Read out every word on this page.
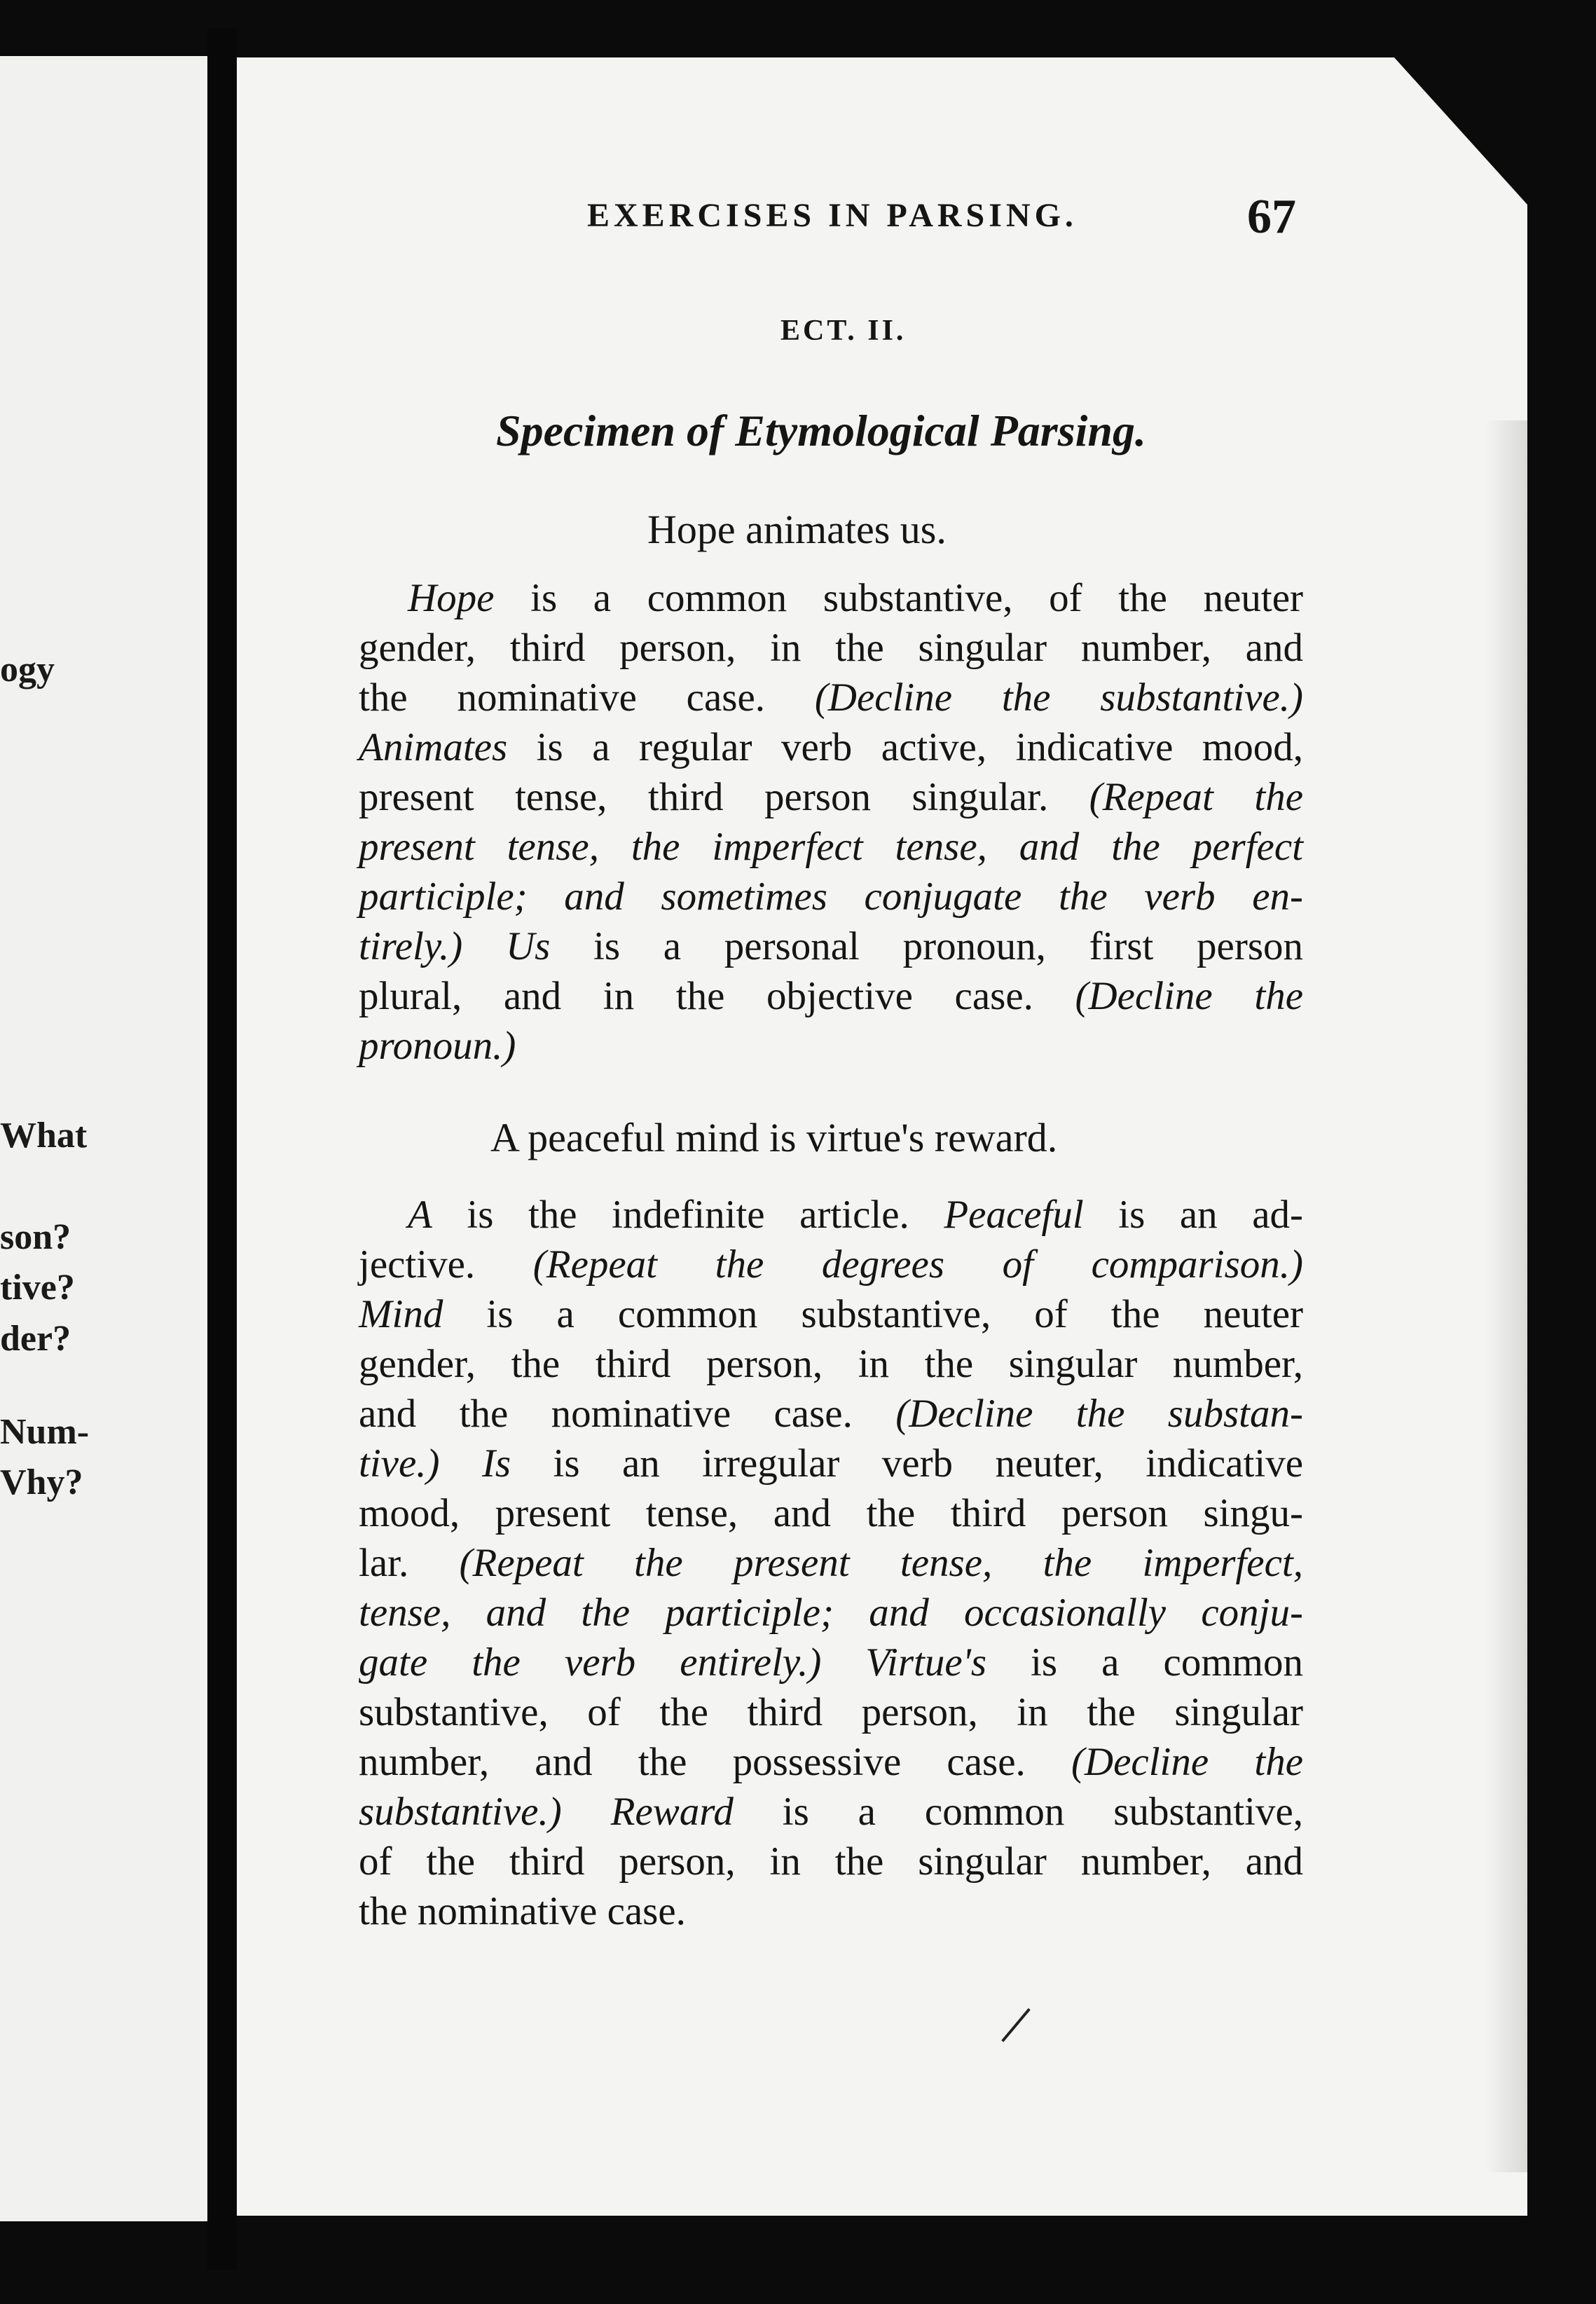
ogy
What
son?
tive?
der?
Num-
Vhy?
EXERCISES IN PARSING.	67
ECT. II.
Specimen of Etymological Parsing.
Hope animates us.
Hope is a common substantive, of the neuter
gender, third person, in the singular number, and
the nominative case. (Decline the substantive.)
Animates is a regular verb active, indicative mood,
present tense, third person singular. (Repeat the
present tense, the imperfect tense, and the perfect
participle; and sometimes conjugate the verb en-
tirely.) Us is a personal pronoun, first person
plural, and in the objective case. (Decline the
pronoun.)
A peaceful mind is virtue's reward.
A is the indefinite article. Peaceful is an ad-
jective. (Repeat the degrees of comparison.)
Mind is a common substantive, of the neuter
gender, the third person, in the singular number,
and the nominative case. (Decline the substan-
tive.) Is is an irregular verb neuter, indicative
mood, present tense, and the third person singu-
lar. (Repeat the present tense, the imperfect,
tense, and the participle; and occasionally conju-
gate the verb entirely.) Virtue's is a common
substantive, of the third person, in the singular
number, and the possessive case. (Decline the
substantive.) Reward is a common substantive,
of the third person, in the singular number, and
the nominative case.
